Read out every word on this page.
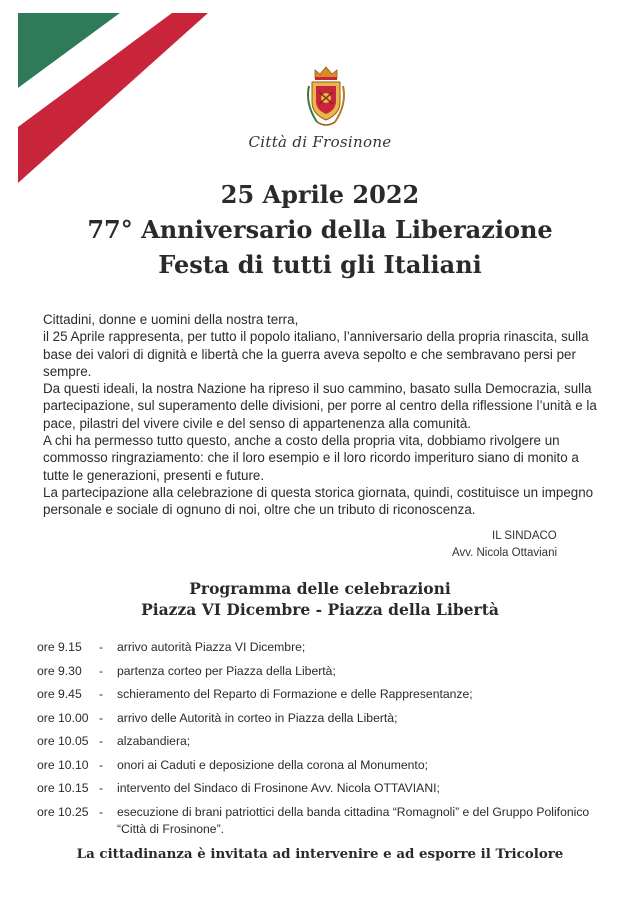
Città di Frosinone
25 Aprile 2022
77° Anniversario della Liberazione
Festa di tutti gli Italiani

Cittadini, donne e uomini della nostra terra,

il 25 Aprile rappresenta, per tutto il popolo italiano, l’anniversario della propria rinascita, sulla base dei valori di dignità e libertà che la guerra aveva sepolto e che sembravano persi per sempre.

Da questi ideali, la nostra Nazione ha ripreso il suo cammino, basato sulla Democrazia, sulla partecipazione, sul superamento delle divisioni, per porre al centro della riflessione l’unità e la pace, pilastri del vivere civile e del senso di appartenenza alla comunità.

A chi ha permesso tutto questo, anche a costo della propria vita, dobbiamo rivolgere un commosso ringraziamento: che il loro esempio e il loro ricordo imperituro siano di monito a tutte le generazioni, presenti e future.

La partecipazione alla celebrazione di questa storica giornata, quindi, costituisce un impegno personale e sociale di ognuno di noi, oltre che un tributo di riconoscenza.

IL SINDACO
Avv. Nicola Ottaviani
Programma delle celebrazioni
Piazza VI Dicembre - Piazza della Libertà
ore 9.15	-	arrivo autorità Piazza VI Dicembre;
ore 9.30	-	partenza corteo per Piazza della Libertà;
ore 9.45	-	schieramento del Reparto di Formazione e delle Rappresentanze;
ore 10.00 -	arrivo delle Autorità in corteo in Piazza della Libertà;
ore 10.05 -	alzabandiera;
ore 10.10 -	onori ai Caduti e deposizione della corona al Monumento;
ore 10.15 -	intervento del Sindaco di Frosinone Avv. Nicola OTTAVIANI;
ore 10.25 -	esecuzione di brani patriottici della banda cittadina “Romagnoli” e del Gruppo Polifonico “Città di Frosinone”.
La cittadinanza è invitata ad intervenire e ad esporre il Tricolore
